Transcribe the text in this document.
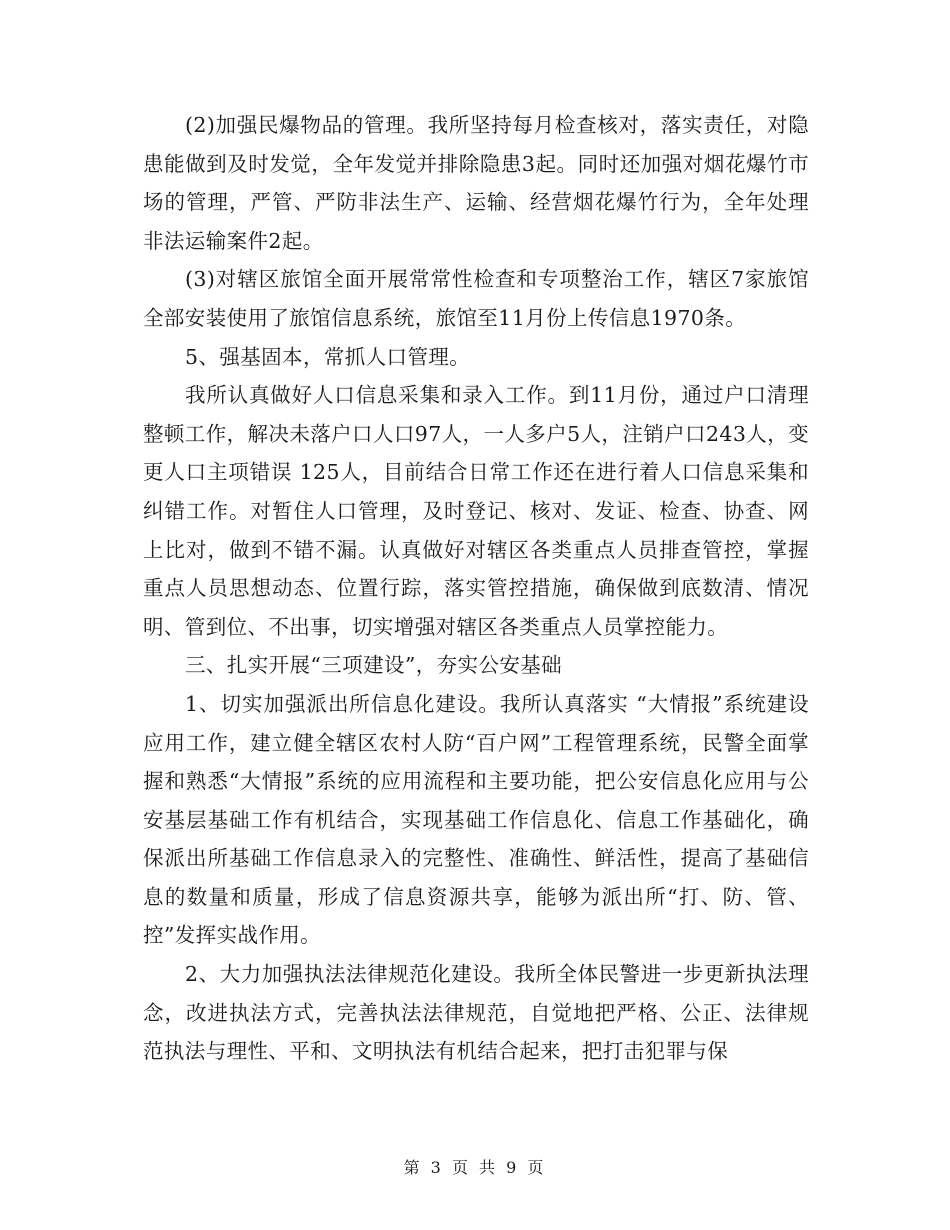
(2)加强民爆物品的管理。我所坚持每月检查核对，落实责任，对隐患能做到及时发觉，全年发觉并排除隐患3起。同时还加强对烟花爆竹市场的管理，严管、严防非法生产、运输、经营烟花爆竹行为，全年处理非法运输案件2起。

(3)对辖区旅馆全面开展常常性检查和专项整治工作，辖区7家旅馆全部安装使用了旅馆信息系统，旅馆至11月份上传信息1970条。

5、强基固本，常抓人口管理。

我所认真做好人口信息采集和录入工作。到11月份，通过户口清理整顿工作，解决未落户口人口97人，一人多户5人，注销户口243人，变更人口主项错误 125人，目前结合日常工作还在进行着人口信息采集和纠错工作。对暂住人口管理，及时登记、核对、发证、检查、协查、网上比对，做到不错不漏。认真做好对辖区各类重点人员排查管控，掌握重点人员思想动态、位置行踪，落实管控措施，确保做到底数清、情况明、管到位、不出事，切实增强对辖区各类重点人员掌控能力。

三、扎实开展“三项建设”，夯实公安基础

1、切实加强派出所信息化建设。我所认真落实 “大情报”系统建设应用工作，建立健全辖区农村人防“百户网”工程管理系统，民警全面掌握和熟悉“大情报”系统的应用流程和主要功能，把公安信息化应用与公安基层基础工作有机结合，实现基础工作信息化、信息工作基础化，确保派出所基础工作信息录入的完整性、准确性、鲜活性，提高了基础信息的数量和质量，形成了信息资源共享，能够为派出所“打、防、管、控”发挥实战作用。

2、大力加强执法法律规范化建设。我所全体民警进一步更新执法理念，改进执法方式，完善执法法律规范，自觉地把严格、公正、法律规范执法与理性、平和、文明执法有机结合起来，把打击犯罪与保

第 3 页 共 9 页
